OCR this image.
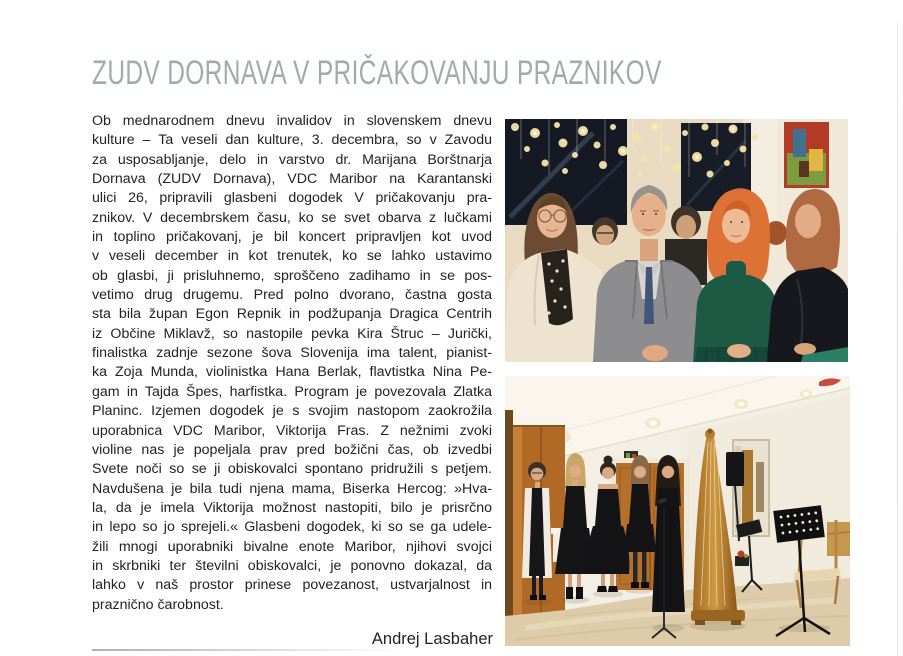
ZUDV DORNAVA V PRIČAKOVANJU PRAZNIKOV
Ob mednarodnem dnevu invalidov in slovenskem dnevu
kulture – Ta veseli dan kulture, 3. decembra, so v Zavodu
za usposabljanje, delo in varstvo dr. Marijana Borštnarja
Dornava (ZUDV Dornava), VDC Maribor na Karantanski
ulici 26, pripravili glasbeni dogodek V pričakovanju pra-
znikov. V decembrskem času, ko se svet obarva z lučkami
in toplino pričakovanj, je bil koncert pripravljen kot uvod
v veseli december in kot trenutek, ko se lahko ustavimo
ob glasbi, ji prisluhnemo, sproščeno zadihamo in se pos-
vetimo drug drugemu. Pred polno dvorano, častna gosta
sta bila župan Egon Repnik in podžupanja Dragica Centrih
iz Občine Miklavž, so nastopile pevka Kira Štruc – Jurički,
finalistka zadnje sezone šova Slovenija ima talent, pianist-
ka Zoja Munda, violinistka Hana Berlak, flavtistka Nina Pe-
gam in Tajda Špes, harfistka. Program je povezovala Zlatka
Planinc. Izjemen dogodek je s svojim nastopom zaokrožila
uporabnica VDC Maribor, Viktorija Fras. Z nežnimi zvoki
violine nas je popeljala prav pred božični čas, ob izvedbi
Svete noči so se ji obiskovalci spontano pridružili s petjem.
Navdušena je bila tudi njena mama, Biserka Hercog: »Hva-
la, da je imela Viktorija možnost nastopiti, bilo je prisrčno
in lepo so jo sprejeli.« Glasbeni dogodek, ki so se ga udele-
žili mnogi uporabniki bivalne enote Maribor, njihovi svojci
in skrbniki ter številni obiskovalci, je ponovno dokazal, da
lahko v naš prostor prinese povezanost, ustvarjalnost in
praznično čarobnost.
Andrej Lasbaher
